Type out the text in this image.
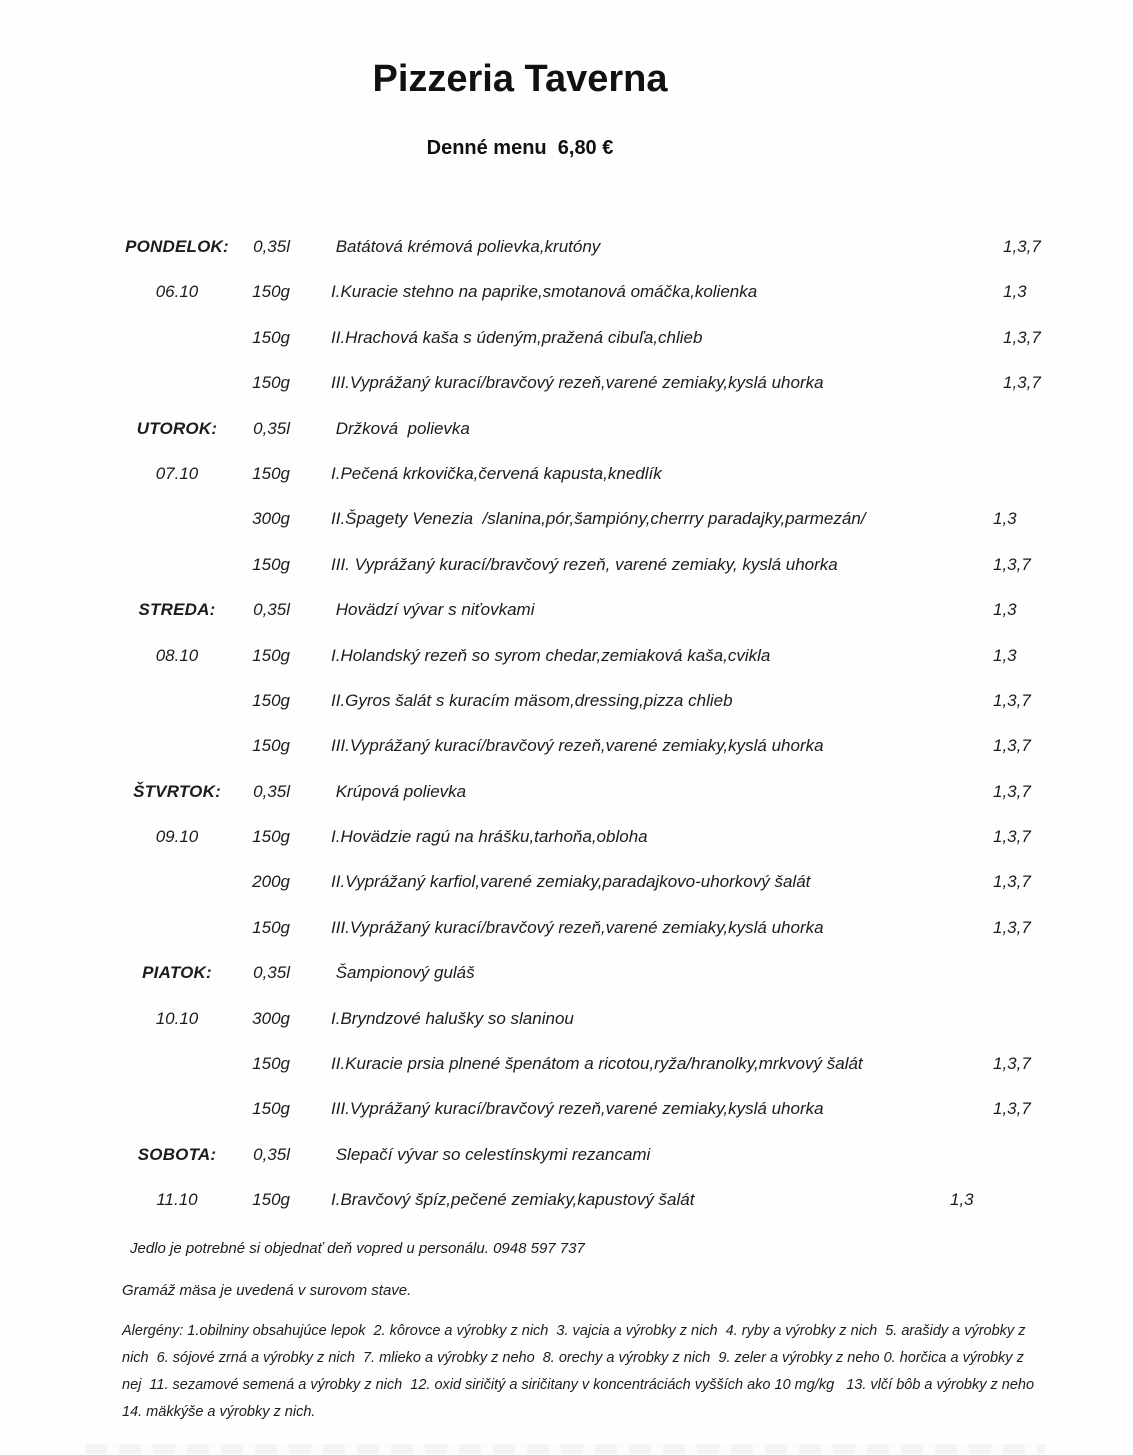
Pizzeria Taverna
Denné menu  6,80 €
PONDELOK:	0,35l Batátová krémová polievka,krutóny	1,3,7
06.10	150g I.Kuracie stehno na paprike,smotanová omáčka,kolienka	1,3
150g II.Hrachová kaša s údeným,pražená cibuľa,chlieb	1,3,7
150g III.Vyprážaný kurací/bravčový rezeň,varené zemiaky,kyslá uhorka	1,3,7
UTOROK:	0,35l Držková  polievka
07.10	150g I.Pečená krkovička,červená kapusta,knedlík
300g II.Špagety Venezia  /slanina,pór,šampióny,cherrry paradajky,parmezán/	1,3
150g III. Vyprážaný kurací/bravčový rezeň, varené zemiaky, kyslá uhorka	1,3,7
STREDA:	0,35l Hovädzí vývar s niťovkami	1,3
08.10	150g I.Holandský rezeň so syrom chedar,zemiaková kaša,cvikla	1,3
150g II.Gyros šalát s kuracím mäsom,dressing,pizza chlieb	1,3,7
150g III.Vyprážaný kurací/bravčový rezeň,varené zemiaky,kyslá uhorka	1,3,7
ŠTVRTOK:	0,35l Krúpová polievka	1,3,7
09.10	150g I.Hovädzie ragú na hrášku,tarhoňa,obloha	1,3,7
200g II.Vyprážaný karfiol,varené zemiaky,paradajkovo-uhorkový šalát	1,3,7
150g III.Vyprážaný kurací/bravčový rezeň,varené zemiaky,kyslá uhorka	1,3,7
PIATOK:	0,35l Šampionový guláš
10.10	300g I.Bryndzové halušky so slaninou
150g II.Kuracie prsia plnené špenátom a ricotou,ryža/hranolky,mrkvový šalát	1,3,7
150g III.Vyprážaný kurací/bravčový rezeň,varené zemiaky,kyslá uhorka	1,3,7
SOBOTA:	0,35l Slepačí vývar so celestínskymi rezancami
11.10	150g I.Bravčový špíz,pečené zemiaky,kapustový šalát	1,3
Jedlo je potrebné si objednať deň vopred u personálu. 0948 597 737
Gramáž mäsa je uvedená v surovom stave.
Alergény: 1.obilniny obsahujúce lepok  2. kôrovce a výrobky z nich  3. vajcia a výrobky z nich  4. ryby a výrobky z nich  5. arašidy a výrobky z
nich  6. sójové zrná a výrobky z nich  7. mlieko a výrobky z neho  8. orechy a výrobky z nich  9. zeler a výrobky z neho 0. horčica a výrobky z
nej  11. sezamové semená a výrobky z nich  12. oxid siričitý a siričitany v koncentráciách vyšších ako 10 mg/kg   13. vlčí bôb a výrobky z neho
14. mäkkýše a výrobky z nich.
